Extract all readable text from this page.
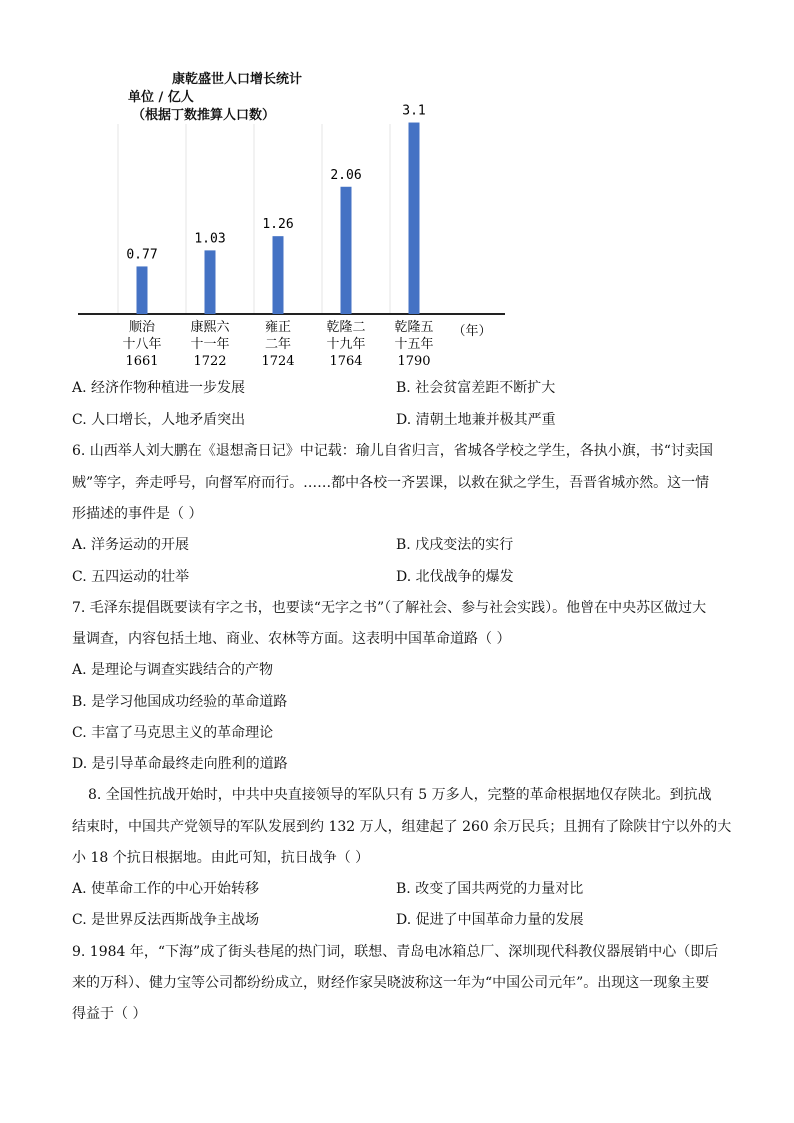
0.77
顺治
十八年
1661
1.03
康熙六
十一年
1722
1.26
雍正
二年
1724
2.06
乾隆二
十九年
1764
3.1
乾隆五
十五年
1790
（年）
康乾盛世人口增长统计
单位 / 亿人
（根据丁数推算人口数）
A. 经济作物种植进一步发展	B. 社会贫富差距不断扩大
C. 人口增长，人地矛盾突出	D. 清朝土地兼并极其严重
6. 山西举人刘大鹏在《退想斋日记》中记载：瑜儿自省归言，省城各学校之学生，各执小旗，书“讨卖国
贼”等字，奔走呼号，向督军府而行。……都中各校一齐罢课，以救在狱之学生，吾晋省城亦然。这一情
形描述的事件是（ ）
A. 洋务运动的开展	B. 戊戌变法的实行
C. 五四运动的壮举	D. 北伐战争的爆发
7. 毛泽东提倡既要读有字之书，也要读“无字之书”（了解社会、参与社会实践）。他曾在中央苏区做过大
量调查，内容包括土地、商业、农林等方面。这表明中国革命道路（ ）
A. 是理论与调查实践结合的产物
B. 是学习他国成功经验的革命道路
C. 丰富了马克思主义的革命理论
D. 是引导革命最终走向胜利的道路
8. 全国性抗战开始时，中共中央直接领导的军队只有 5 万多人，完整的革命根据地仅存陕北。到抗战
结束时，中国共产党领导的军队发展到约 132 万人，组建起了 260 余万民兵；且拥有了除陕甘宁以外的大
小 18 个抗日根据地。由此可知，抗日战争（ ）
A. 使革命工作的中心开始转移	B. 改变了国共两党的力量对比
C. 是世界反法西斯战争主战场	D. 促进了中国革命力量的发展
9. 1984 年，“下海”成了街头巷尾的热门词，联想、青岛电冰箱总厂、深圳现代科教仪器展销中心（即后
来的万科）、健力宝等公司都纷纷成立，财经作家吴晓波称这一年为“中国公司元年”。出现这一现象主要
得益于（ ）
